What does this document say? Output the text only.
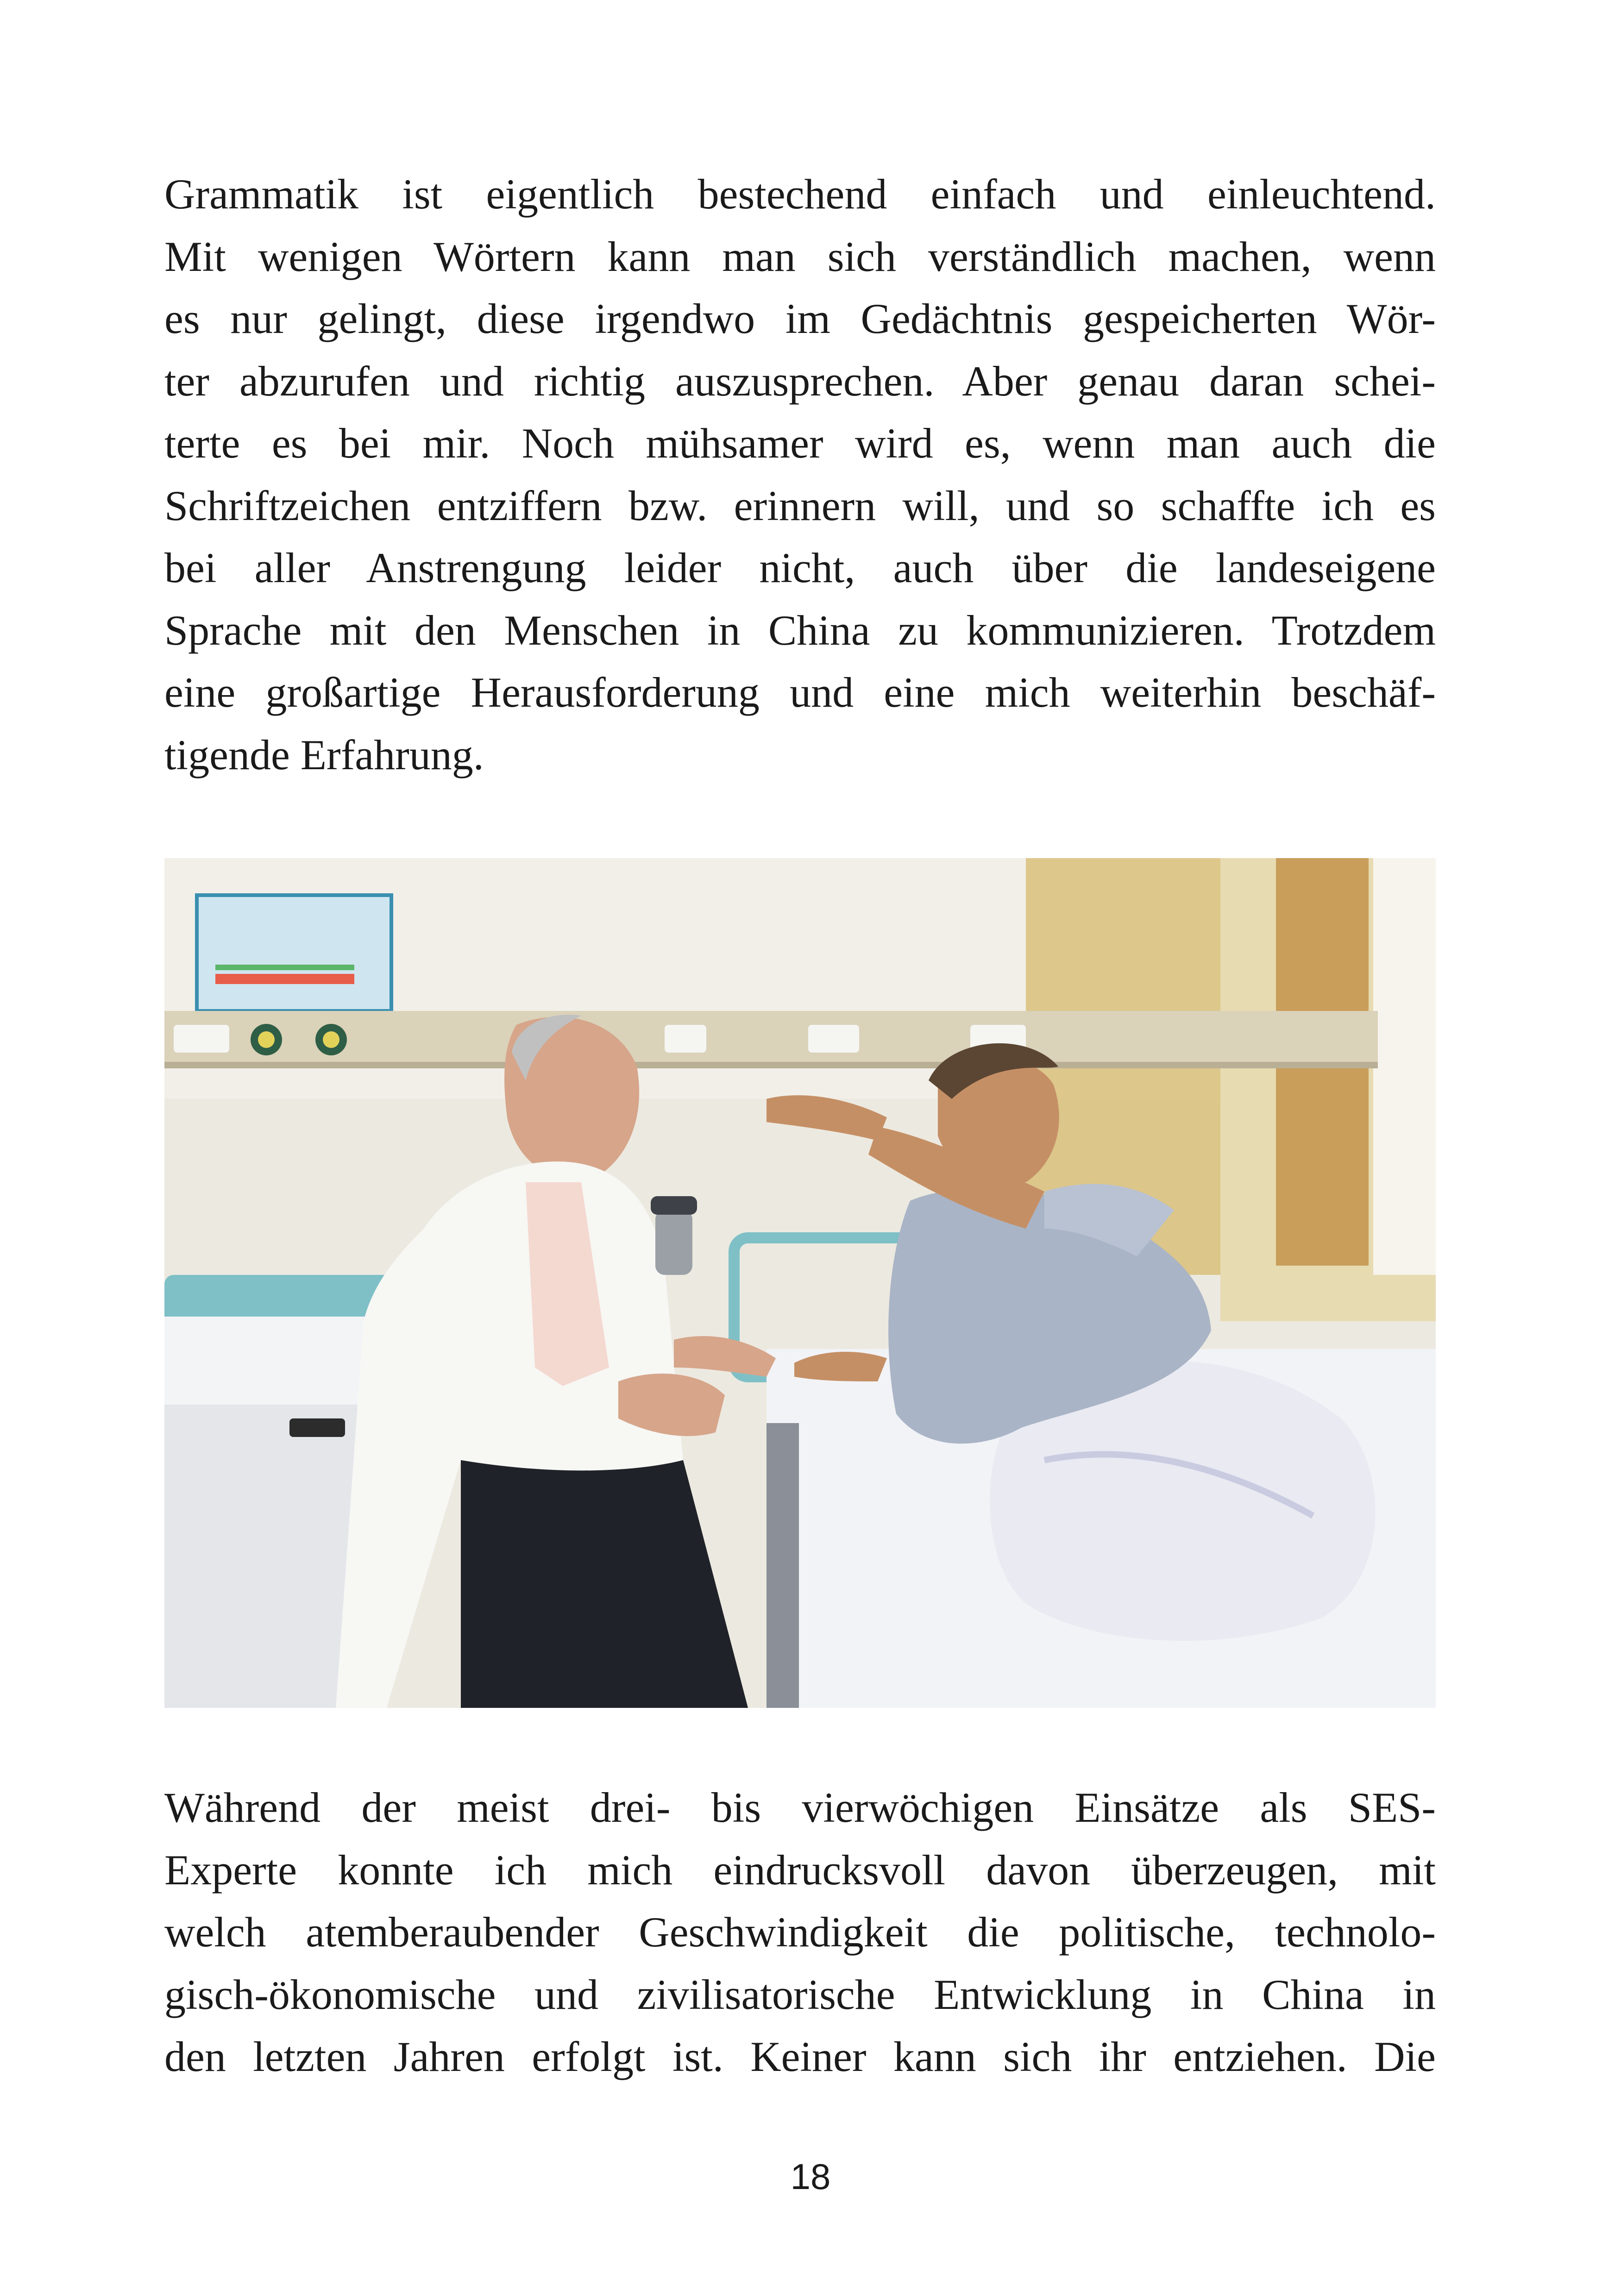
Grammatik ist eigentlich bestechend einfach und einleuchtend.
Mit wenigen Wörtern kann man sich verständlich machen, wenn
es nur gelingt, diese irgendwo im Gedächtnis gespeicherten Wör-
ter abzurufen und richtig auszusprechen. Aber genau daran schei-
terte es bei mir. Noch mühsamer wird es, wenn man auch die
Schriftzeichen entziffern bzw. erinnern will, und so schaffte ich es
bei aller Anstrengung leider nicht, auch über die landeseigene
Sprache mit den Menschen in China zu kommunizieren. Trotzdem
eine großartige Herausforderung und eine mich weiterhin beschäf-
tigende Erfahrung.
Während der meist drei- bis vierwöchigen Einsätze als SES-
Experte konnte ich mich eindrucksvoll davon überzeugen, mit
welch atemberaubender Geschwindigkeit die politische, technolo-
gisch-ökonomische und zivilisatorische Entwicklung in China in
den letzten Jahren erfolgt ist. Keiner kann sich ihr entziehen. Die
18
